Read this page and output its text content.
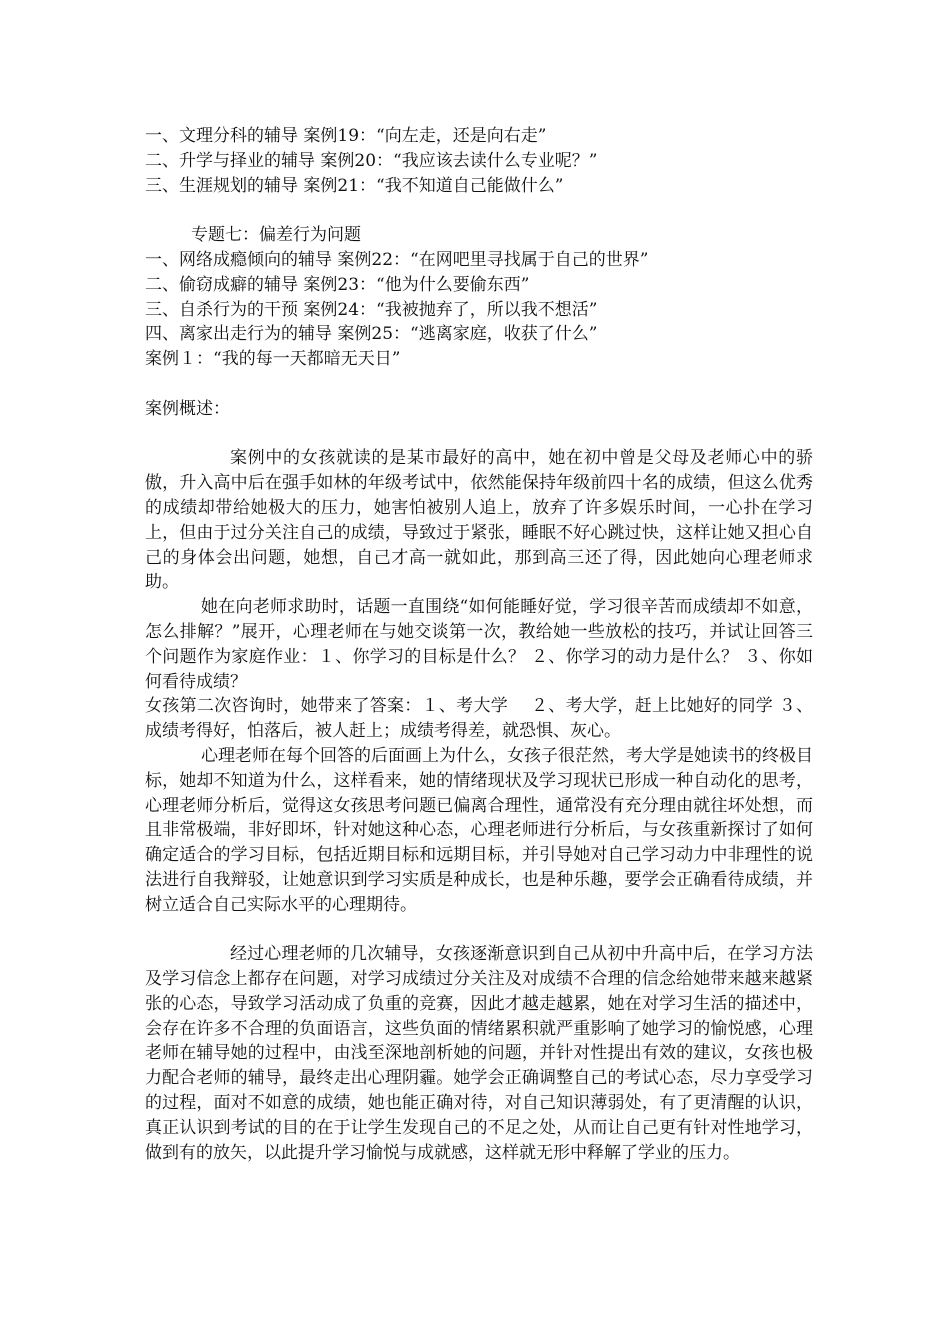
一、文理分科的辅导 案例19：“向左走，还是向右走”
二、升学与择业的辅导 案例20：“我应该去读什么专业呢？”
三、生涯规划的辅导 案例21：“我不知道自己能做什么”
专题七：偏差行为问题
一、网络成瘾倾向的辅导 案例22：“在网吧里寻找属于自己的世界”
二、偷窃成癖的辅导 案例23：“他为什么要偷东西”
三、自杀行为的干预 案例24：“我被抛弃了，所以我不想活”
四、离家出走行为的辅导 案例25：“逃离家庭，收获了什么”
案例１：“我的每一天都暗无天日”
案例概述：
案例中的女孩就读的是某市最好的高中，她在初中曾是父母及老师心中的骄傲，升入高中后在强手如林的年级考试中，依然能保持年级前四十名的成绩，但这么优秀的成绩却带给她极大的压力，她害怕被别人追上，放弃了许多娱乐时间，一心扑在学习上，但由于过分关注自己的成绩，导致过于紧张，睡眠不好心跳过快，这样让她又担心自己的身体会出问题，她想，自己才高一就如此，那到高三还了得，因此她向心理老师求助。
她在向老师求助时，话题一直围绕“如何能睡好觉，学习很辛苦而成绩却不如意，怎么排解？”展开，心理老师在与她交谈第一次，教给她一些放松的技巧，并试让回答三个问题作为家庭作业：１、你学习的目标是什么？ ２、你学习的动力是什么？ ３、你如何看待成绩？
女孩第二次咨询时，她带来了答案：１、考大学　 ２、考大学，赶上比她好的同学 ３、成绩考得好，怕落后，被人赶上；成绩考得差，就恐惧、灰心。
心理老师在每个回答的后面画上为什么，女孩子很茫然，考大学是她读书的终极目标，她却不知道为什么，这样看来，她的情绪现状及学习现状已形成一种自动化的思考，心理老师分析后，觉得这女孩思考问题已偏离合理性，通常没有充分理由就往坏处想，而且非常极端，非好即坏，针对她这种心态，心理老师进行分析后，与女孩重新探讨了如何确定适合的学习目标，包括近期目标和远期目标，并引导她对自己学习动力中非理性的说法进行自我辩驳，让她意识到学习实质是种成长，也是种乐趣，要学会正确看待成绩，并树立适合自己实际水平的心理期待。
经过心理老师的几次辅导，女孩逐渐意识到自己从初中升高中后，在学习方法及学习信念上都存在问题，对学习成绩过分关注及对成绩不合理的信念给她带来越来越紧张的心态，导致学习活动成了负重的竞赛，因此才越走越累，她在对学习生活的描述中，会存在许多不合理的负面语言，这些负面的情绪累积就严重影响了她学习的愉悦感，心理老师在辅导她的过程中，由浅至深地剖析她的问题，并针对性提出有效的建议，女孩也极力配合老师的辅导，最终走出心理阴霾。她学会正确调整自己的考试心态，尽力享受学习的过程，面对不如意的成绩，她也能正确对待，对自己知识薄弱处，有了更清醒的认识，真正认识到考试的目的在于让学生发现自己的不足之处，从而让自己更有针对性地学习，做到有的放矢，以此提升学习愉悦与成就感，这样就无形中释解了学业的压力。
